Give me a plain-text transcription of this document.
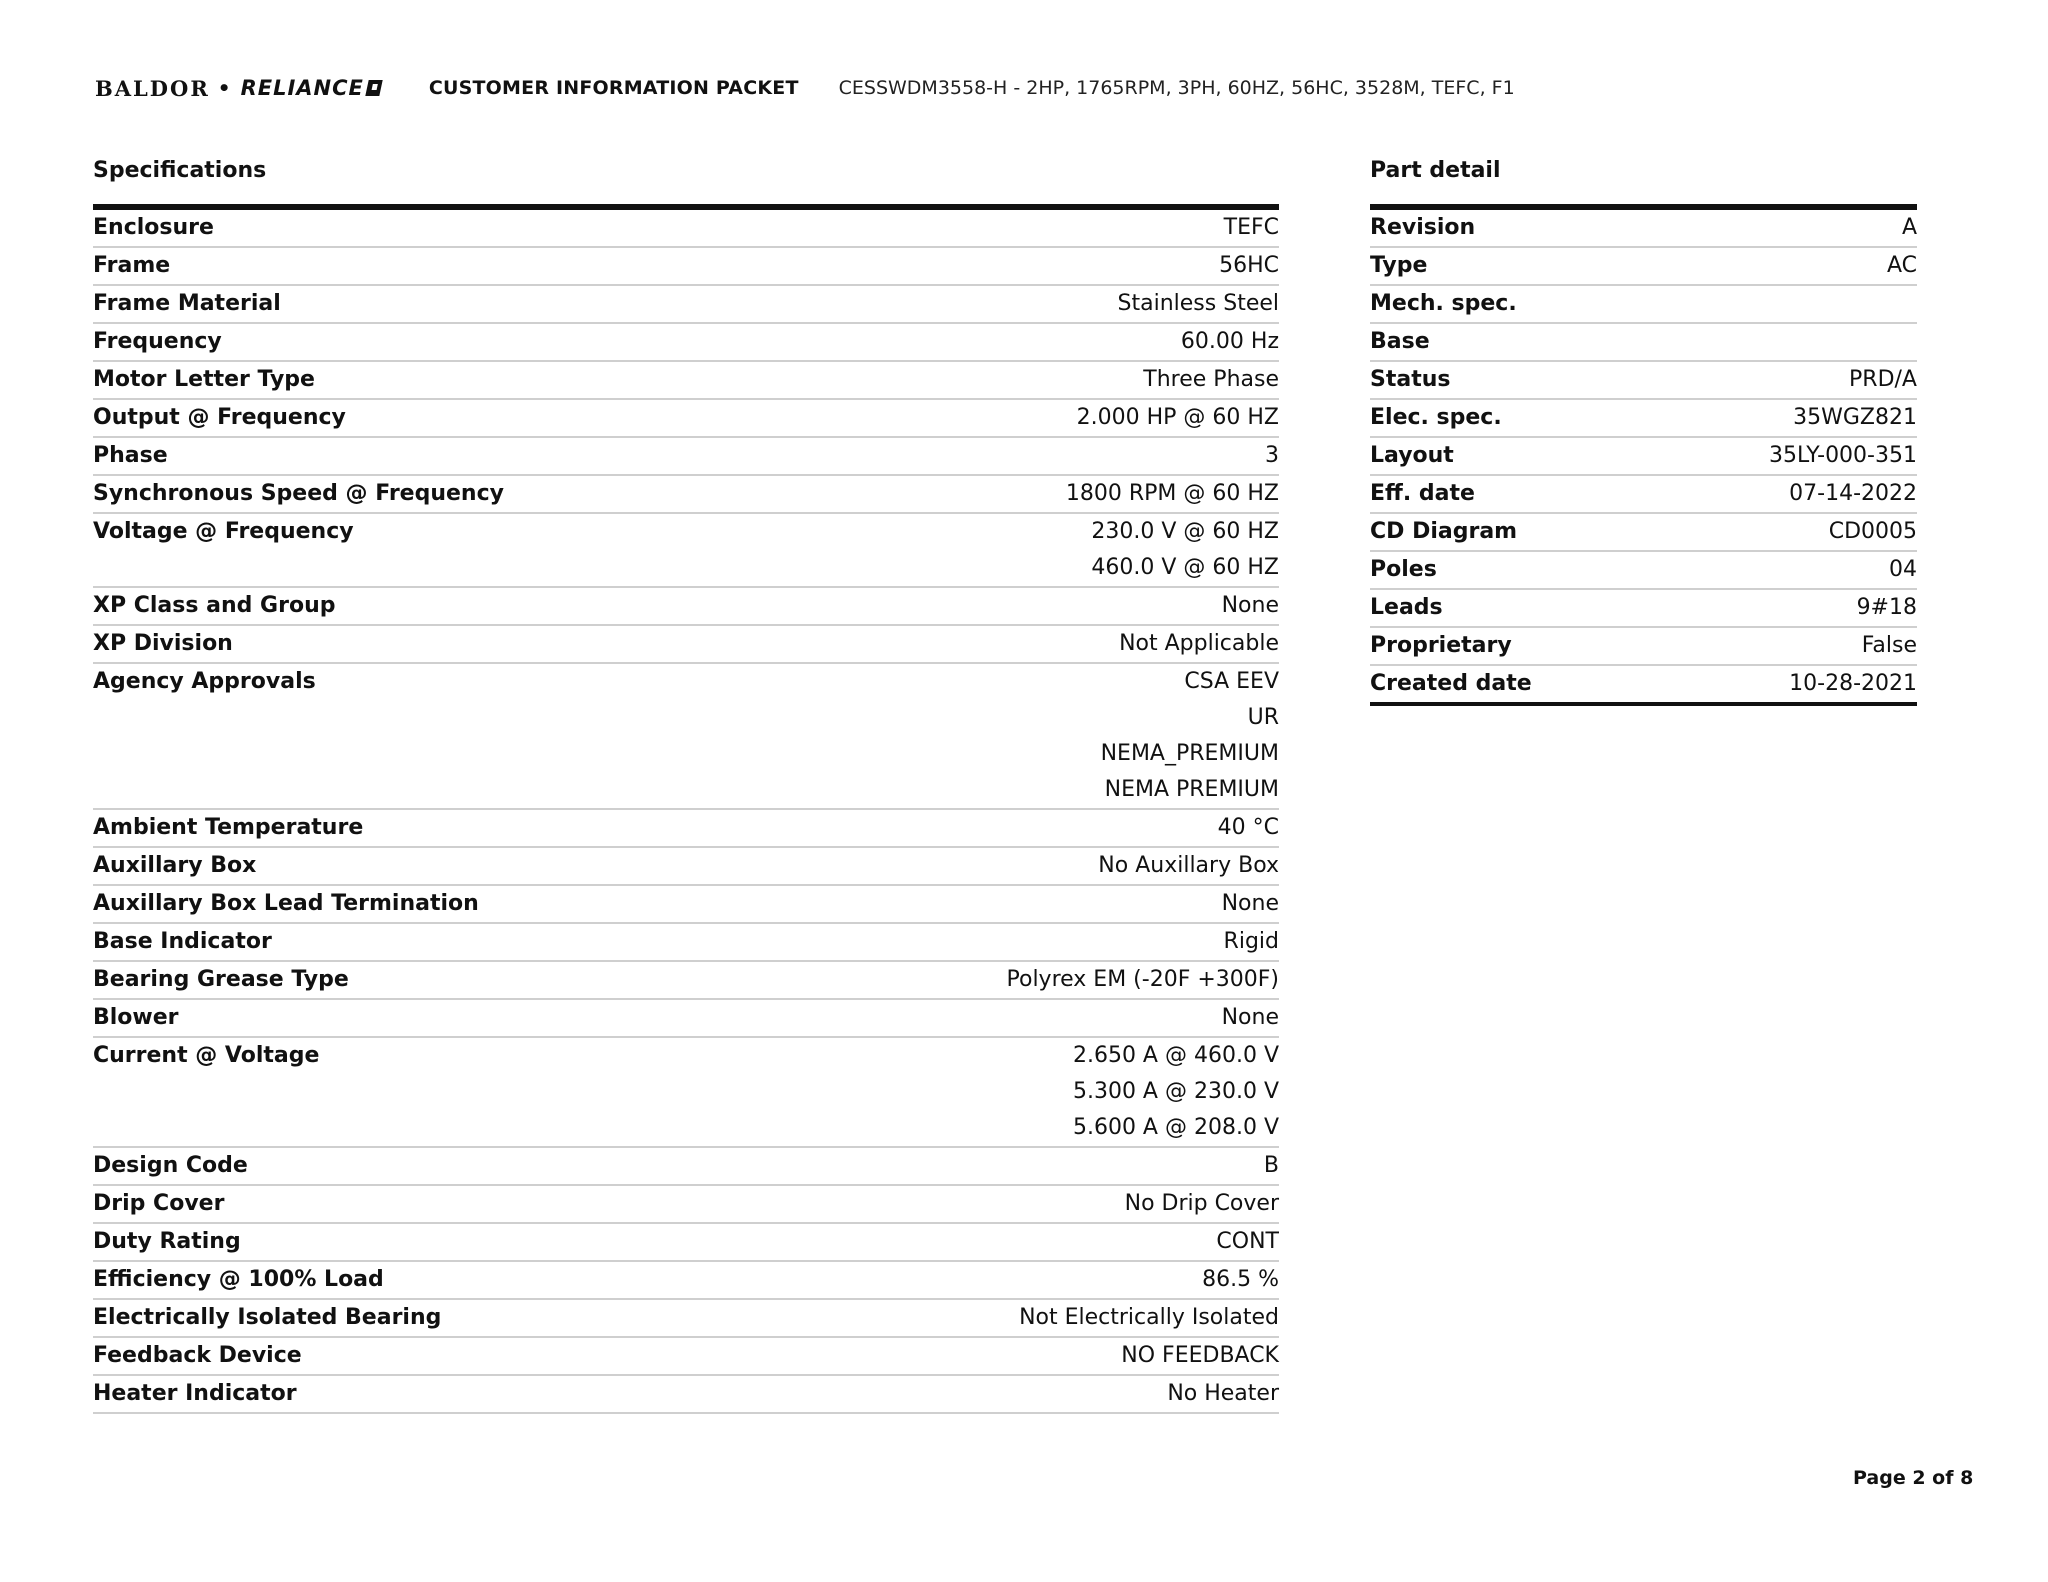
BALDOR • RELIANCE	CUSTOMER INFORMATION PACKET CESSWDM3558-H - 2HP, 1765RPM, 3PH, 60HZ, 56HC, 3528M, TEFC, F1
Specifications	Part detail
Enclosure	TEFC
Frame	56HC
Frame Material	Stainless Steel
Frequency	60.00 Hz
Motor Letter Type	Three Phase
Output @ Frequency	2.000 HP @ 60 HZ
Phase	3
Synchronous Speed @ Frequency	1800 RPM @ 60 HZ
Voltage @ Frequency	230.0 V @ 60 HZ
460.0 V @ 60 HZ
XP Class and Group	None
XP Division	Not Applicable
Agency Approvals	CSA EEV
UR
NEMA_PREMIUM
NEMA PREMIUM
Ambient Temperature	40 °C
Auxillary Box	No Auxillary Box
Auxillary Box Lead Termination	None
Base Indicator	Rigid
Bearing Grease Type	Polyrex EM (-20F +300F)
Blower	None
Current @ Voltage	2.650 A @ 460.0 V
5.300 A @ 230.0 V
5.600 A @ 208.0 V
Design Code	B
Drip Cover	No Drip Cover
Duty Rating	CONT
Efficiency @ 100% Load	86.5 %
Electrically Isolated Bearing	Not Electrically Isolated
Feedback Device	NO FEEDBACK
Heater Indicator	No Heater
Revision	A
Type	AC
Mech. spec.

Base

Status	PRD/A
Elec. spec.	35WGZ821
Layout	35LY-000-351
Eff. date	07-14-2022
CD Diagram	CD0005
Poles	04
Leads	9#18
Proprietary	False
Created date	10-28-2021
Page 2 of 8
